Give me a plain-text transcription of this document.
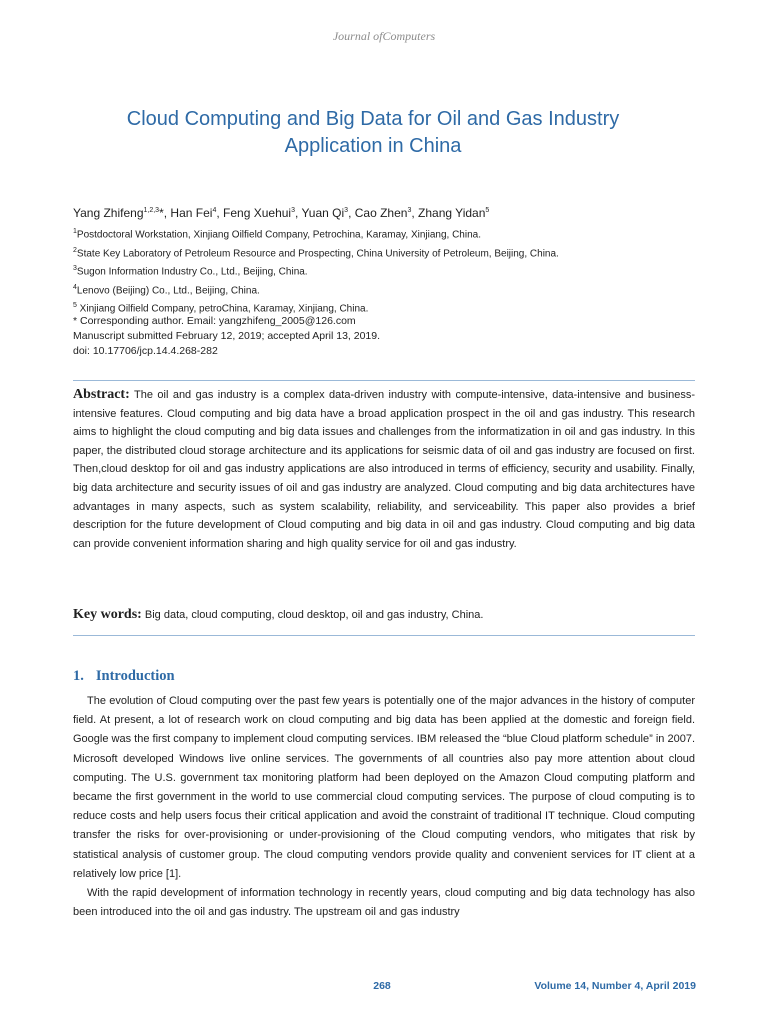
Journal ofComputers
Cloud Computing and Big Data for Oil and Gas Industry
Application in China
Yang Zhifeng$^{1,2,3}$*, Han Fei$^4$, Feng Xuehui$^3$, Yuan Qi$^3$, Cao Zhen$^3$, Zhang Yidan$^5$
$^1$Postdoctoral Workstation, Xinjiang Oilfield Company, Petrochina, Karamay, Xinjiang, China.
$^2$State Key Laboratory of Petroleum Resource and Prospecting, China University of Petroleum, Beijing, China.
$^3$Sugon Information Industry Co., Ltd., Beijing, China.
$^4$Lenovo (Beijing) Co., Ltd., Beijing, China.
$^5$ Xinjiang Oilfield Company, petroChina, Karamay, Xinjiang, China.
* Corresponding author. Email: yangzhifeng_2005@126.com
Manuscript submitted February 12, 2019; accepted April 13, 2019.
doi: 10.17706/jcp.14.4.268-282

Abstract: The oil and gas industry is a complex data-driven industry with compute-intensive, data-intensive and business-intensive features. Cloud computing and big data have a broad application prospect in the oil and gas industry. This research aims to highlight the cloud computing and big data issues and challenges from the informatization in oil and gas industry. In this paper, the distributed cloud storage architecture and its applications for seismic data of oil and gas industry are focused on first. Then,cloud desktop for oil and gas industry applications are also introduced in terms of efficiency, security and usability. Finally, big data architecture and security issues of oil and gas industry are analyzed. Cloud computing and big data architectures have advantages in many aspects, such as system scalability, reliability, and serviceability. This paper also provides a brief description for the future development of Cloud computing and big data in oil and gas industry. Cloud computing and big data can provide convenient information sharing and high quality service for oil and gas industry.

Key words: Big data, cloud computing, cloud desktop, oil and gas industry, China.

1. Introduction

The evolution of Cloud computing over the past few years is potentially one of the major advances in the history of computer field. At present, a lot of research work on cloud computing and big data has been applied at the domestic and foreign field. Google was the first company to implement cloud computing services. IBM released the “blue Cloud platform schedule” in 2007. Microsoft developed Windows live online services. The governments of all countries also pay more attention about cloud computing. The U.S. government tax monitoring platform had been deployed on the Amazon Cloud computing platform and became the first government in the world to use commercial cloud computing services. The purpose of cloud computing is to reduce costs and help users focus their critical application and avoid the constraint of traditional IT technique. Cloud computing transfer the risks for over-provisioning or under-provisioning of the Cloud computing vendors, who mitigates that risk by statistical analysis of customer group. The cloud computing vendors provide quality and convenient services for IT client at a relatively low price [1].

With the rapid development of information technology in recently years, cloud computing and big data technology has also been introduced into the oil and gas industry. The upstream oil and gas industry

268	Volume 14, Number 4, April 2019
